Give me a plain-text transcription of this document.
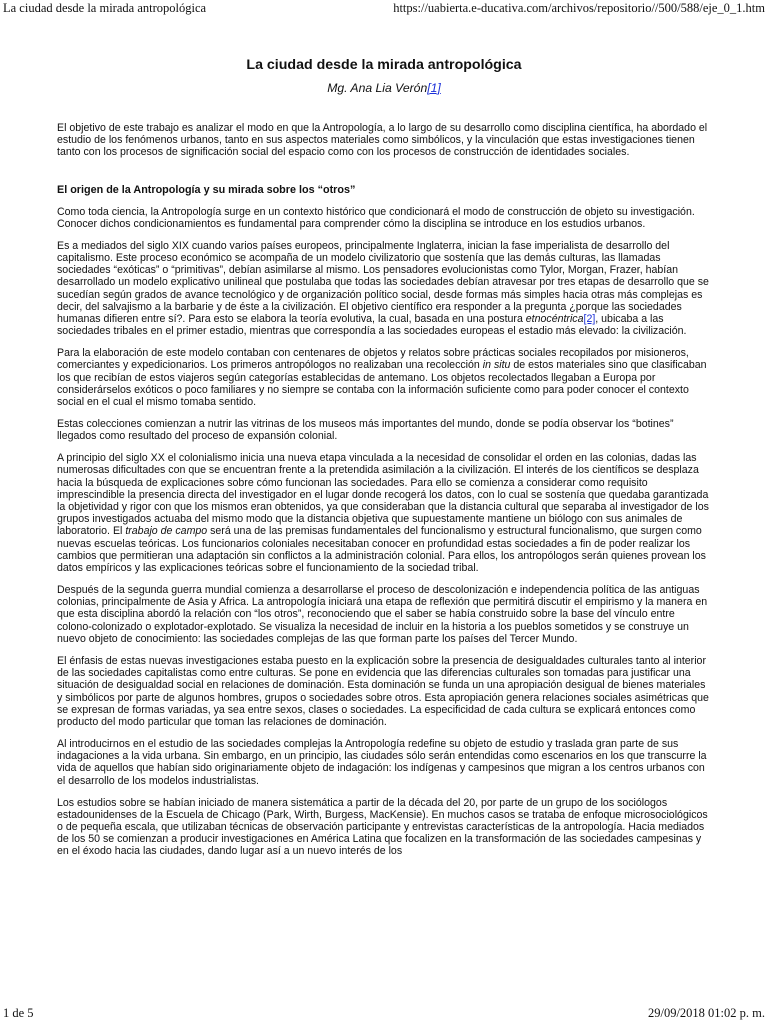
La ciudad desde la mirada antropológica	https://uabierta.e-ducativa.com/archivos/repositorio//500/588/eje_0_1.htm
La ciudad desde la mirada antropológica
Mg. Ana Lia Verón[1]

El objetivo de este trabajo es analizar el modo en que la Antropología, a lo largo de su desarrollo como disciplina científica, ha abordado el estudio de los fenómenos urbanos, tanto en sus aspectos materiales como simbólicos, y la vinculación que estas investigaciones tienen tanto con los procesos de significación social del espacio como con los procesos de construcción de identidades sociales.

El origen de la Antropología y su mirada sobre los “otros”

Como toda ciencia, la Antropología surge en un contexto histórico que condicionará el modo de construcción de objeto su investigación. Conocer dichos condicionamientos es fundamental para comprender cómo la disciplina se introduce en los estudios urbanos.

Es a mediados del siglo XIX cuando varios países europeos, principalmente Inglaterra, inician la fase imperialista de desarrollo del capitalismo. Este proceso económico se acompaña de un modelo civilizatorio que sostenía que las demás culturas, las llamadas sociedades “exóticas” o “primitivas”, debían asimilarse al mismo. Los pensadores evolucionistas como Tylor, Morgan, Frazer, habían desarrollado un modelo explicativo unilineal que postulaba que todas las sociedades debían atravesar por tres etapas de desarrollo que se sucedían según grados de avance tecnológico y de organización político social, desde formas más simples hacia otras más complejas es decir, del salvajismo a la barbarie y de éste a la civilización. El objetivo científico era responder a la pregunta ¿porque las sociedades humanas difieren entre sí?. Para esto se elabora la teoría evolutiva, la cual, basada en una postura etnocéntrica[2], ubicaba a las sociedades tribales en el primer estadio, mientras que correspondía a las sociedades europeas el estadio más elevado: la civilización.

Para la elaboración de este modelo contaban con centenares de objetos y relatos sobre prácticas sociales recopilados por misioneros, comerciantes y expedicionarios. Los primeros antropólogos no realizaban una recolección in situ de estos materiales sino que clasificaban los que recibían de estos viajeros según categorías establecidas de antemano. Los objetos recolectados llegaban a Europa por considerárselos exóticos o poco familiares y no siempre se contaba con la información suficiente como para poder conocer el contexto social en el cual el mismo tomaba sentido.

Estas colecciones comienzan a nutrir las vitrinas de los museos más importantes del mundo, donde se podía observar los “botines” llegados como resultado del proceso de expansión colonial.

A principio del siglo XX el colonialismo inicia una nueva etapa vinculada a la necesidad de consolidar el orden en las colonias, dadas las numerosas dificultades con que se encuentran frente a la pretendida asimilación a la civilización. El interés de los científicos se desplaza hacia la búsqueda de explicaciones sobre cómo funcionan las sociedades. Para ello se comienza a considerar como requisito imprescindible la presencia directa del investigador en el lugar donde recogerá los datos, con lo cual se sostenía que quedaba garantizada la objetividad y rigor con que los mismos eran obtenidos, ya que consideraban que la distancia cultural que separaba al investigador de los grupos investigados actuaba del mismo modo que la distancia objetiva que supuestamente mantiene un biólogo con sus animales de laboratorio. El trabajo de campo será una de las premisas fundamentales del funcionalismo y estructural funcionalismo, que surgen como nuevas escuelas teóricas. Los funcionarios coloniales necesitaban conocer en profundidad estas sociedades a fin de poder realizar los cambios que permitieran una adaptación sin conflictos a la administración colonial. Para ellos, los antropólogos serán quienes provean los datos empíricos y las explicaciones teóricas sobre el funcionamiento de la sociedad tribal.

Después de la segunda guerra mundial comienza a desarrollarse el proceso de descolonización e independencia política de las antiguas colonias, principalmente de Asia y Africa. La antropología iniciará una etapa de reflexión que permitirá discutir el empirismo y la manera en que esta disciplina abordó la relación con “los otros”, reconociendo que el saber se había construido sobre la base del vínculo entre colono-colonizado o explotador-explotado. Se visualiza la necesidad de incluir en la historia a los pueblos sometidos y se construye un nuevo objeto de conocimiento: las sociedades complejas de las que forman parte los países del Tercer Mundo.

El énfasis de estas nuevas investigaciones estaba puesto en la explicación sobre la presencia de desigualdades culturales tanto al interior de las sociedades capitalistas como entre culturas. Se pone en evidencia que las diferencias culturales son tomadas para justificar una situación de desigualdad social en relaciones de dominación. Esta dominación se funda un una apropiación desigual de bienes materiales y simbólicos por parte de algunos hombres, grupos o sociedades sobre otros. Esta apropiación genera relaciones sociales asimétricas que se expresan de formas variadas, ya sea entre sexos, clases o sociedades. La especificidad de cada cultura se explicará entonces como producto del modo particular que toman las relaciones de dominación.

Al introducirnos en el estudio de las sociedades complejas la Antropología redefine su objeto de estudio y traslada gran parte de sus indagaciones a la vida urbana. Sin embargo, en un principio, las ciudades sólo serán entendidas como escenarios en los que transcurre la vida de aquellos que habían sido originariamente objeto de indagación: los indígenas y campesinos que migran a los centros urbanos con el desarrollo de los modelos industrialistas.

Los estudios sobre se habían iniciado de manera sistemática a partir de la década del 20, por parte de un grupo de los sociólogos estadounidenses de la Escuela de Chicago (Park, Wirth, Burgess, MacKensie). En muchos casos se trataba de enfoque microsociológicos o de pequeña escala, que utilizaban técnicas de observación participante y entrevistas características de la antropología. Hacia mediados de los 50 se comienzan a producir investigaciones en América Latina que focalizen en la transformación de las sociedades campesinas y en el éxodo hacia las ciudades, dando lugar así a un nuevo interés de los

1 de 5	29/09/2018 01:02 p. m.
